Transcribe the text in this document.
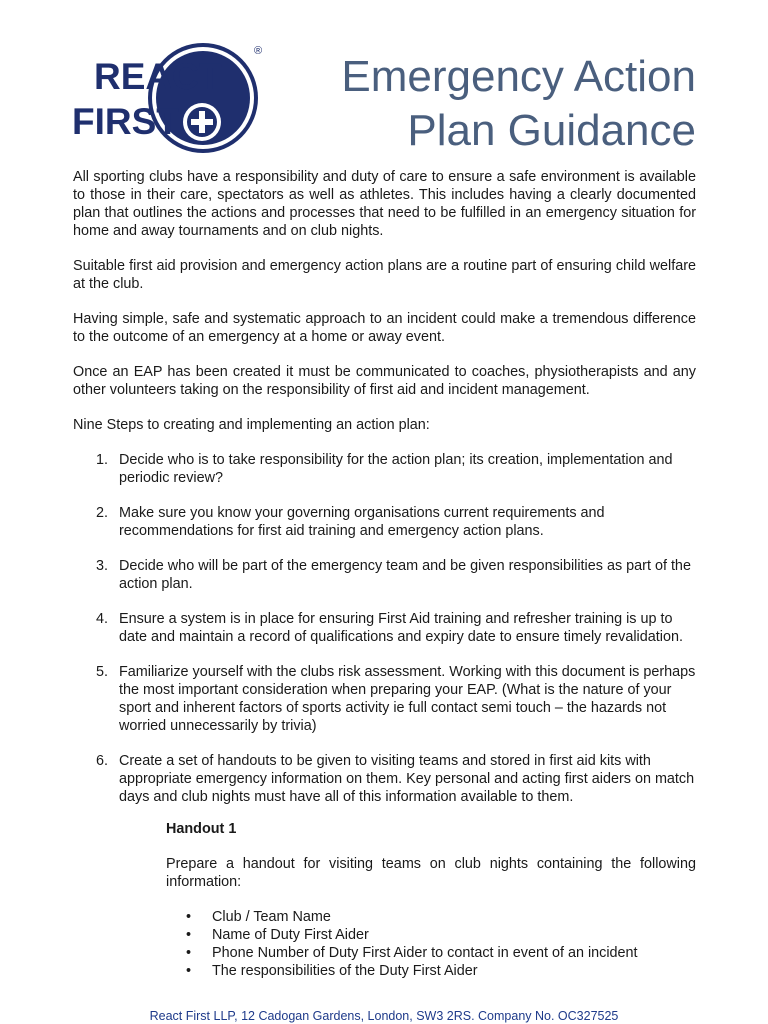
REACT
FIRST
®
Emergency Action
Plan Guidance

All sporting clubs have a responsibility and duty of care to ensure a safe environment is available to those in their care, spectators as well as athletes. This includes having a clearly documented plan that outlines the actions and processes that need to be fulfilled in an emergency situation for home and away tournaments and on club nights.

Suitable first aid provision and emergency action plans are a routine part of ensuring child welfare at the club.

Having simple, safe and systematic approach to an incident could make a tremendous difference to the outcome of an emergency at a home or away event.

Once an EAP has been created it must be communicated to coaches, physiotherapists and any other volunteers taking on the responsibility of first aid and incident management.

Nine Steps to creating and implementing an action plan:

1. Decide who is to take responsibility for the action plan; its creation, implementation and periodic review?
2. Make sure you know your governing organisations current requirements and recommendations for first aid training and emergency action plans.
3. Decide who will be part of the emergency team and be given responsibilities as part of the action plan.
4. Ensure a system is in place for ensuring First Aid training and refresher training is up to date and maintain a record of qualifications and expiry date to ensure timely revalidation.
5. Familiarize yourself with the clubs risk assessment. Working with this document is perhaps the most important consideration when preparing your EAP. (What is the nature of your sport and inherent factors of sports activity ie full contact semi touch – the hazards not worried unnecessarily by trivia)
6. Create a set of handouts to be given to visiting teams and stored in first aid kits with appropriate emergency information on them. Key personal and acting first aiders on match days and club nights must have all of this information available to them.

Handout 1

Prepare a handout for visiting teams on club nights containing the following information:

• Club / Team Name
• Name of Duty First Aider
• Phone Number of Duty First Aider to contact in event of an incident
• The responsibilities of the Duty First Aider
React First LLP, 12 Cadogan Gardens, London, SW3 2RS. Company No. OC327525
